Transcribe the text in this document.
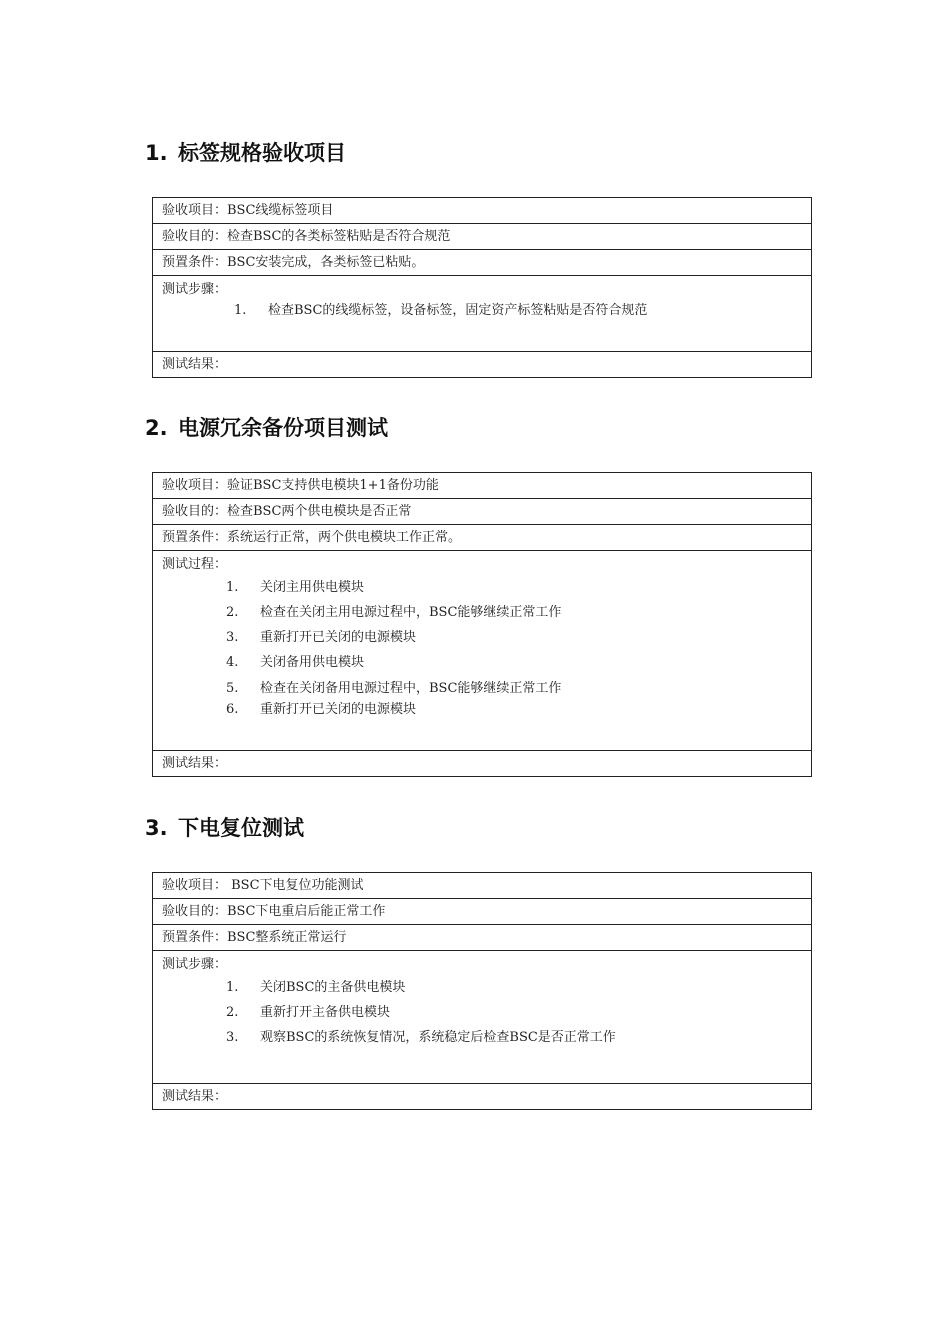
1. 标签规格验收项目
验收项目：BSC线缆标签项目
验收目的：检查BSC的各类标签粘贴是否符合规范
预置条件：BSC安装完成，各类标签已粘贴。

测试步骤：
1. 检查BSC的线缆标签，设备标签，固定资产标签粘贴是否符合规范

测试结果：
2. 电源冗余备份项目测试
验收项目：验证BSC支持供电模块1+1备份功能
验收目的：检查BSC两个供电模块是否正常
预置条件：系统运行正常，两个供电模块工作正常。

测试过程：
1. 关闭主用供电模块
2. 检查在关闭主用电源过程中，BSC能够继续正常工作
3. 重新打开已关闭的电源模块
4. 关闭备用供电模块
5. 检查在关闭备用电源过程中，BSC能够继续正常工作
6. 重新打开已关闭的电源模块

测试结果：
3. 下电复位测试
验收项目： BSC下电复位功能测试
验收目的：BSC下电重启后能正常工作
预置条件：BSC整系统正常运行

测试步骤：
1. 关闭BSC的主备供电模块
2. 重新打开主备供电模块
3. 观察BSC的系统恢复情况，系统稳定后检查BSC是否正常工作

测试结果：
